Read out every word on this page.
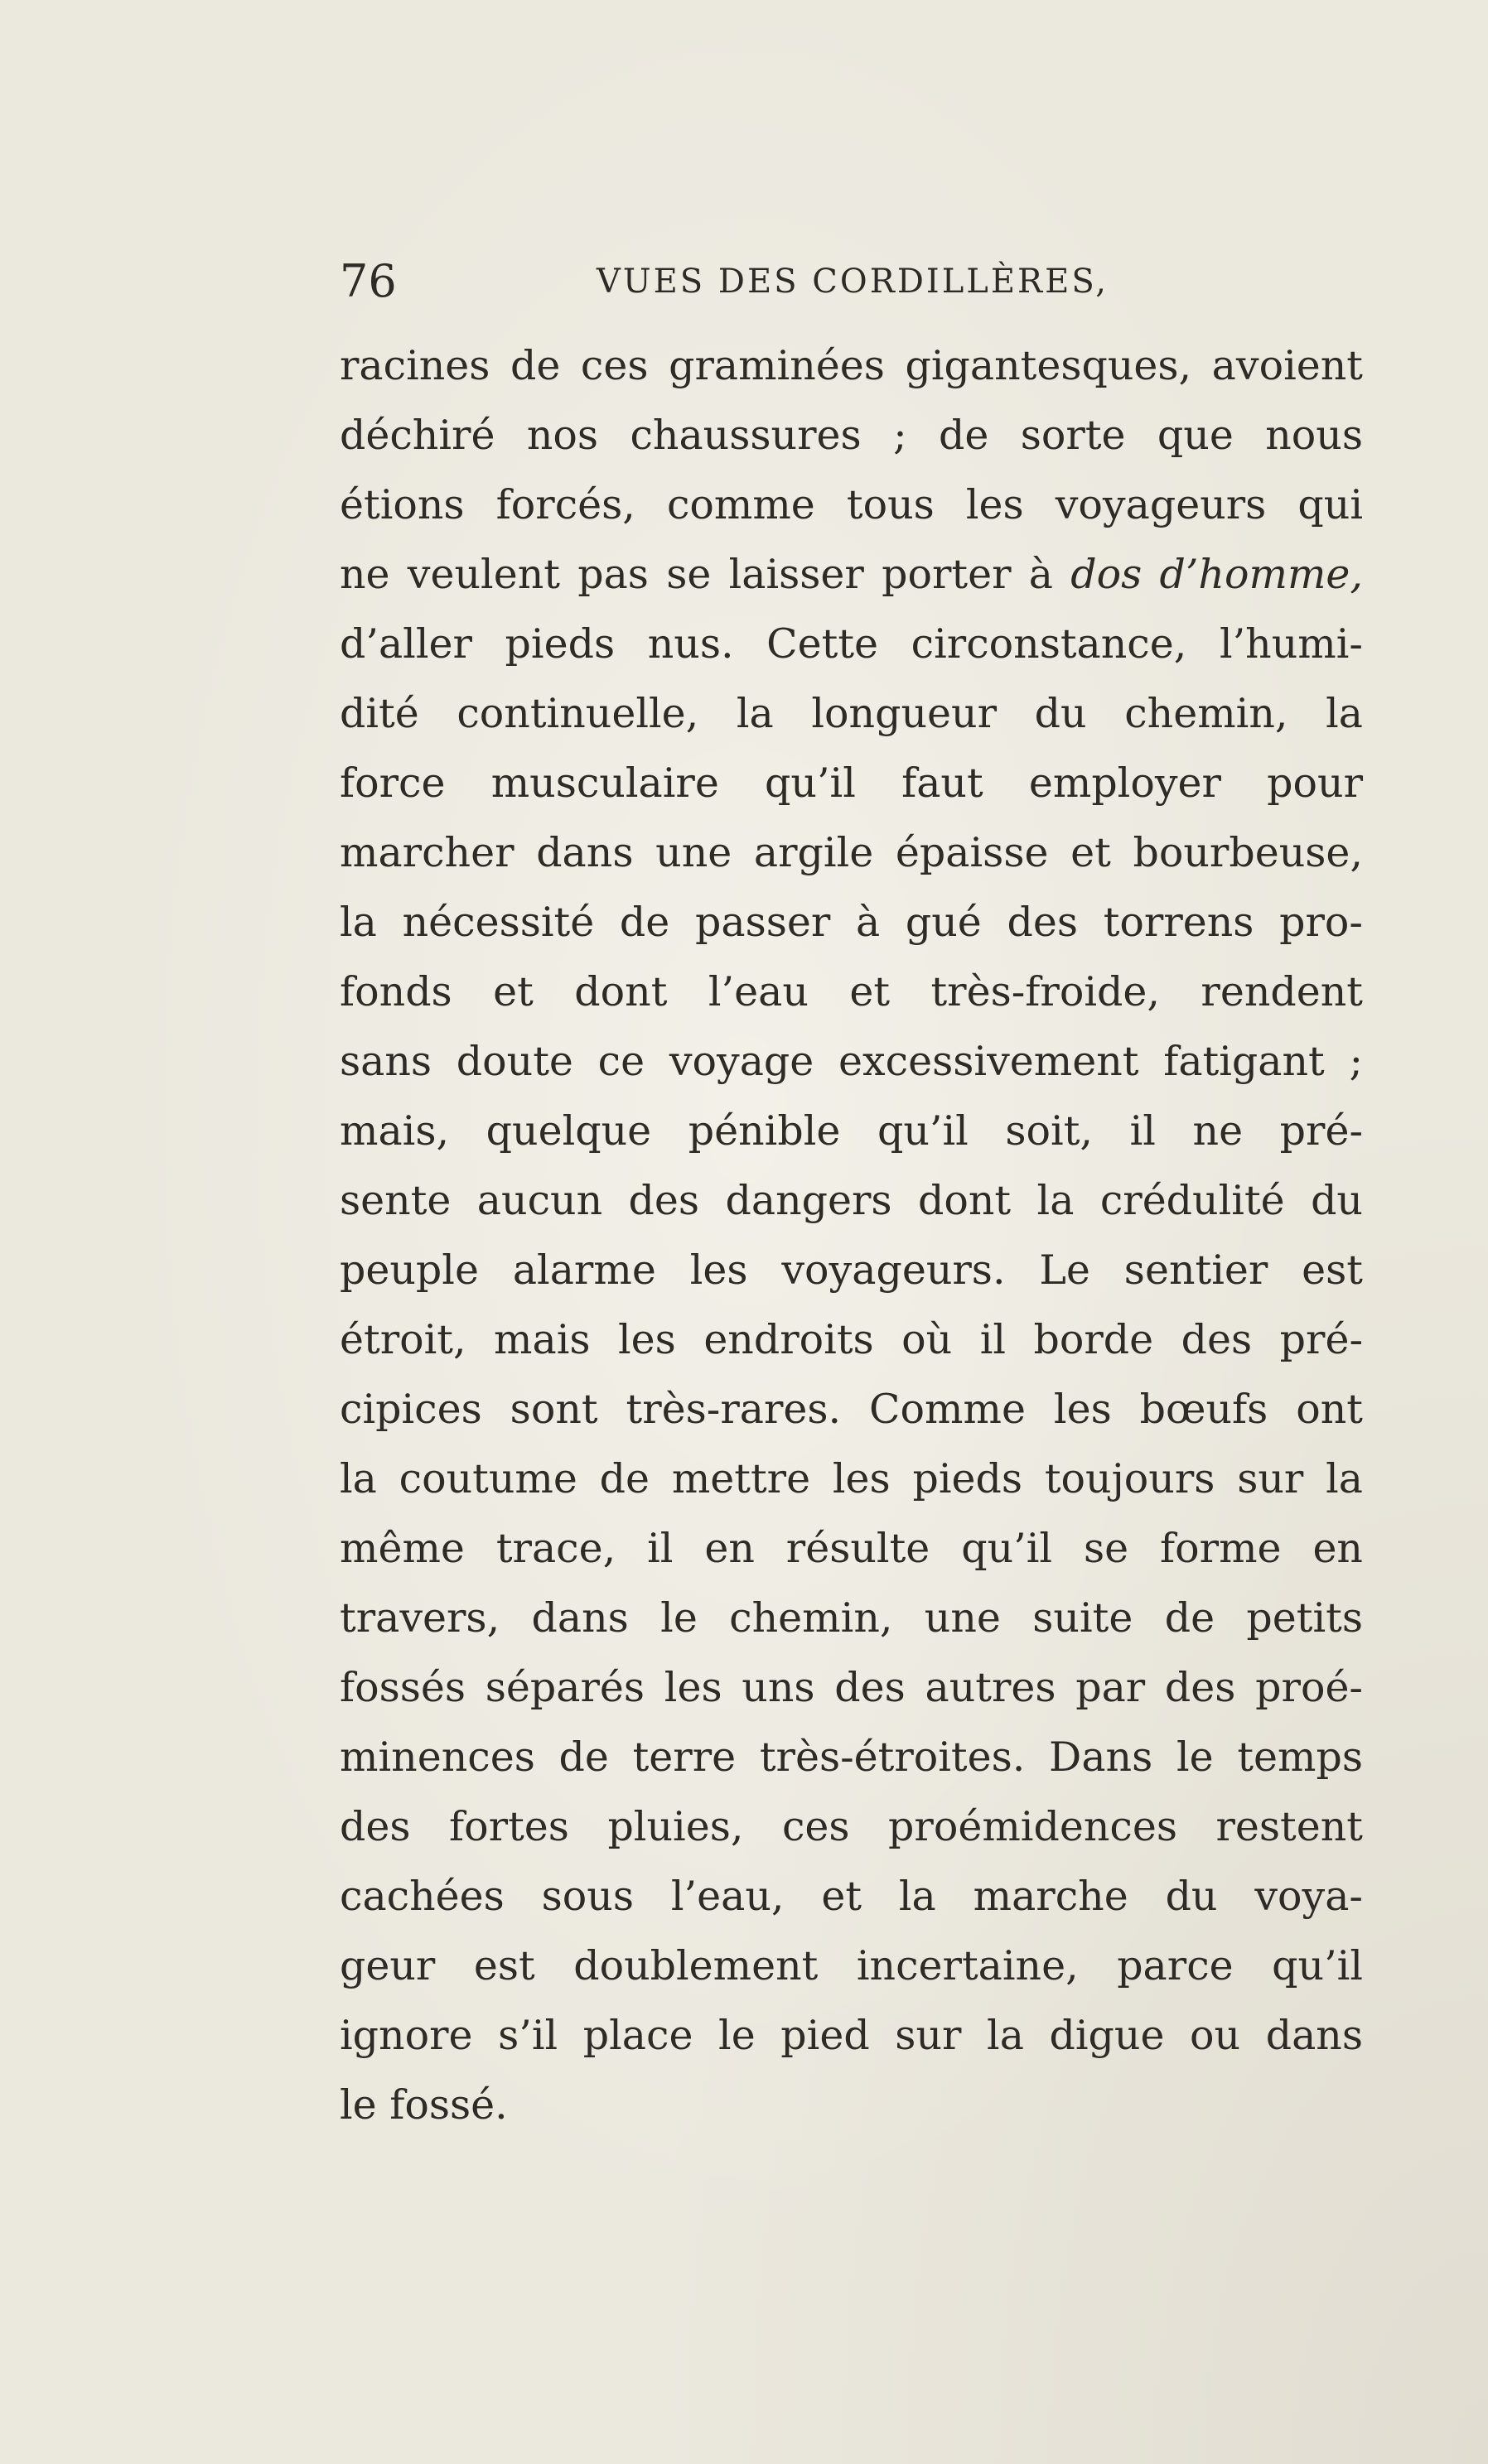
76	VUES DES CORDILLÈRES,
racines de ces graminées gigantesques, avoient
déchiré nos chaussures ; de sorte que nous
étions forcés, comme tous les voyageurs qui
ne veulent pas se laisser porter à dos d’homme,
d’aller pieds nus. Cette circonstance, l’humi-
dité continuelle, la longueur du chemin, la
force musculaire qu’il faut employer pour
marcher dans une argile épaisse et bourbeuse,
la nécessité de passer à gué des torrens pro-
fonds et dont l’eau et très-froide, rendent
sans doute ce voyage excessivement fatigant ;
mais, quelque pénible qu’il soit, il ne pré-
sente aucun des dangers dont la crédulité du
peuple alarme les voyageurs. Le sentier est
étroit, mais les endroits où il borde des pré-
cipices sont très-rares. Comme les bœufs ont
la coutume de mettre les pieds toujours sur la
même trace, il en résulte qu’il se forme en
travers, dans le chemin, une suite de petits
fossés séparés les uns des autres par des proé-
minences de terre très-étroites. Dans le temps
des fortes pluies, ces proémidences restent
cachées sous l’eau, et la marche du voya-
geur est doublement incertaine, parce qu’il
ignore s’il place le pied sur la digue ou dans
le fossé.
